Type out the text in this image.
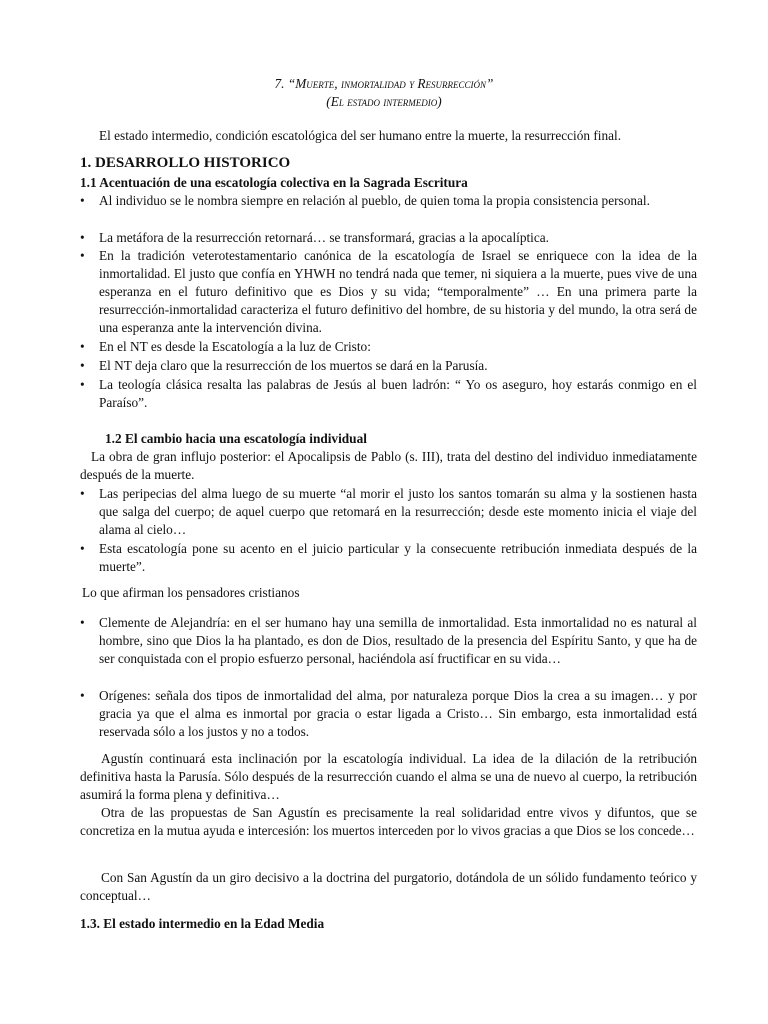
7. “Muerte, inmortalidad y Resurrección”
(El estado intermedio)
El estado intermedio, condición escatológica del ser humano entre la muerte, la resurrección final.
1. DESARROLLO HISTORICO
1.1 Acentuación de una escatología colectiva en la Sagrada Escritura
• Al individuo se le nombra siempre en relación al pueblo, de quien toma la propia consistencia personal.
• La metáfora de la resurrección retornará… se transformará, gracias a la apocalíptica.
• En la tradición veterotestamentario canónica de la escatología de Israel se enriquece con la idea de la inmortalidad. El justo que confía en YHWH no tendrá nada que temer, ni siquiera a la muerte, pues vive de una esperanza en el futuro definitivo que es Dios y su vida; “temporalmente” … En una primera parte la resurrección-inmortalidad caracteriza el futuro definitivo del hombre, de su historia y del mundo, la otra será de una esperanza ante la intervención divina.
• En el NT es desde la Escatología a la luz de Cristo:
• El NT deja claro que la resurrección de los muertos se dará en la Parusía.
• La teología clásica resalta las palabras de Jesús al buen ladrón: “ Yo os aseguro, hoy estarás conmigo en el Paraíso”.
1.2 El cambio hacia una escatología individual
La obra de gran influjo posterior: el Apocalipsis de Pablo (s. III), trata del destino del individuo inmediatamente después de la muerte.
• Las peripecias del alma luego de su muerte “al morir el justo los santos tomarán su alma y la sostienen hasta que salga del cuerpo; de aquel cuerpo que retomará en la resurrección; desde este momento inicia el viaje del alama al cielo…
• Esta escatología pone su acento en el juicio particular y la consecuente retribución inmediata después de la muerte”.
Lo que afirman los pensadores cristianos
• Clemente de Alejandría: en el ser humano hay una semilla de inmortalidad. Esta inmortalidad no es natural al hombre, sino que Dios la ha plantado, es don de Dios, resultado de la presencia del Espíritu Santo, y que ha de ser conquistada con el propio esfuerzo personal, haciéndola así fructificar en su vida…
• Orígenes: señala dos tipos de inmortalidad del alma, por naturaleza porque Dios la crea a su imagen… y por gracia ya que el alma es inmortal por gracia o estar ligada a Cristo… Sin embargo, esta inmortalidad está reservada sólo a los justos y no a todos.
Agustín continuará esta inclinación por la escatología individual. La idea de la dilación de la retribución definitiva hasta la Parusía. Sólo después de la resurrección cuando el alma se una de nuevo al cuerpo, la retribución asumirá la forma plena y definitiva…
Otra de las propuestas de San Agustín es precisamente la real solidaridad entre vivos y difuntos, que se concretiza en la mutua ayuda e intercesión: los muertos interceden por lo vivos gracias a que Dios se los concede…
Con San Agustín da un giro decisivo a la doctrina del purgatorio, dotándola de un sólido fundamento teórico y conceptual…
1.3. El estado intermedio en la Edad Media
